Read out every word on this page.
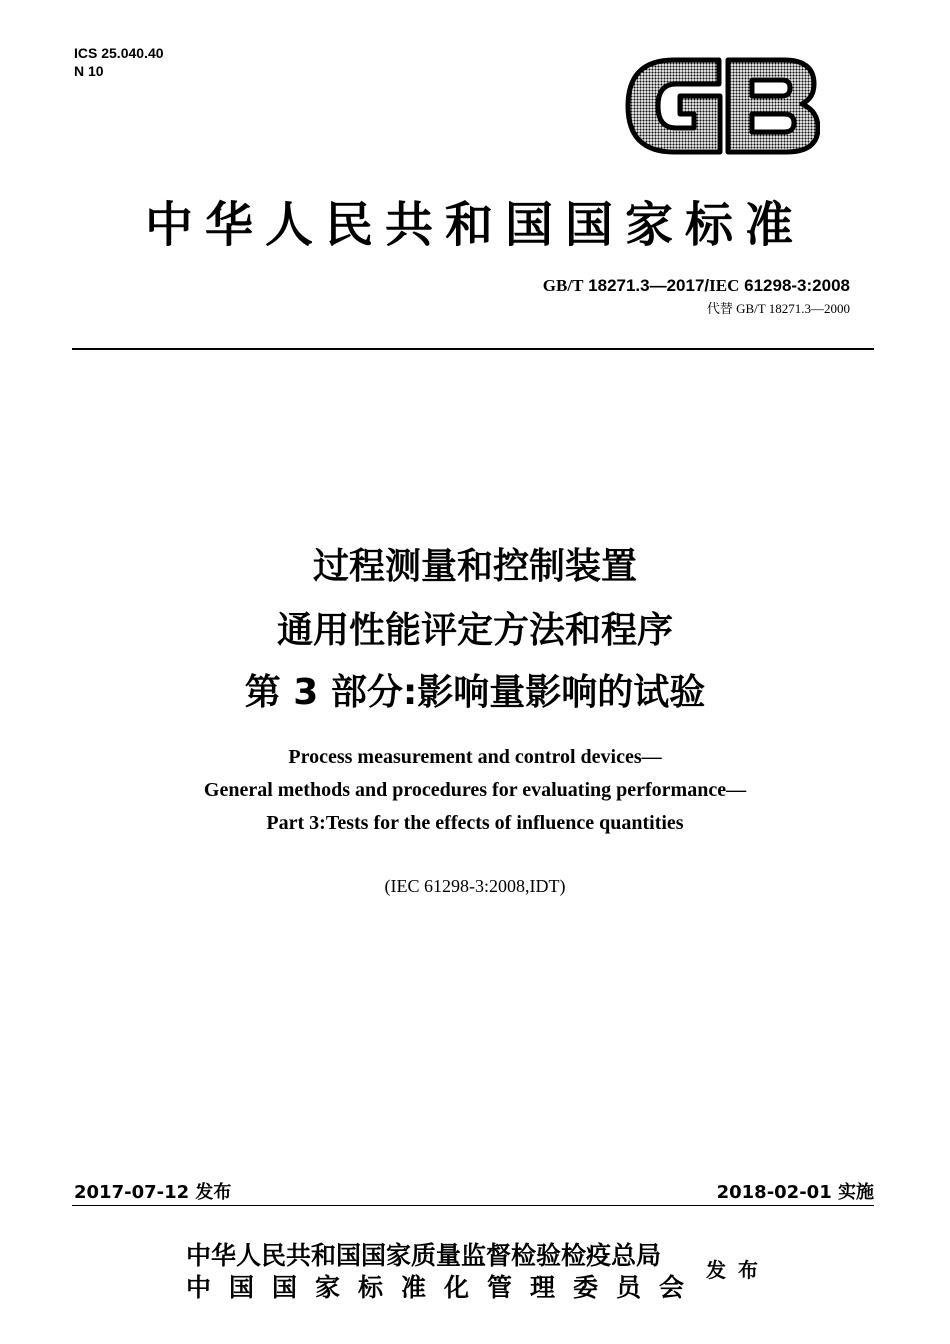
ICS 25.040.40
N 10
GB
中华人民共和国国家标准
GB/T 18271.3—2017/IEC 61298-3:2008
代替 GB/T 18271.3—2000
过程测量和控制装置
通用性能评定方法和程序
第 3 部分:影响量影响的试验
Process measurement and control devices—
General methods and procedures for evaluating performance—
Part 3:Tests for the effects of influence quantities
(IEC 61298-3:2008,IDT)
2017-07-12 发布	2018-02-01 实施
中华人民共和国国家质量监督检验检疫总局
中国国家标准化管理委员会
发布
